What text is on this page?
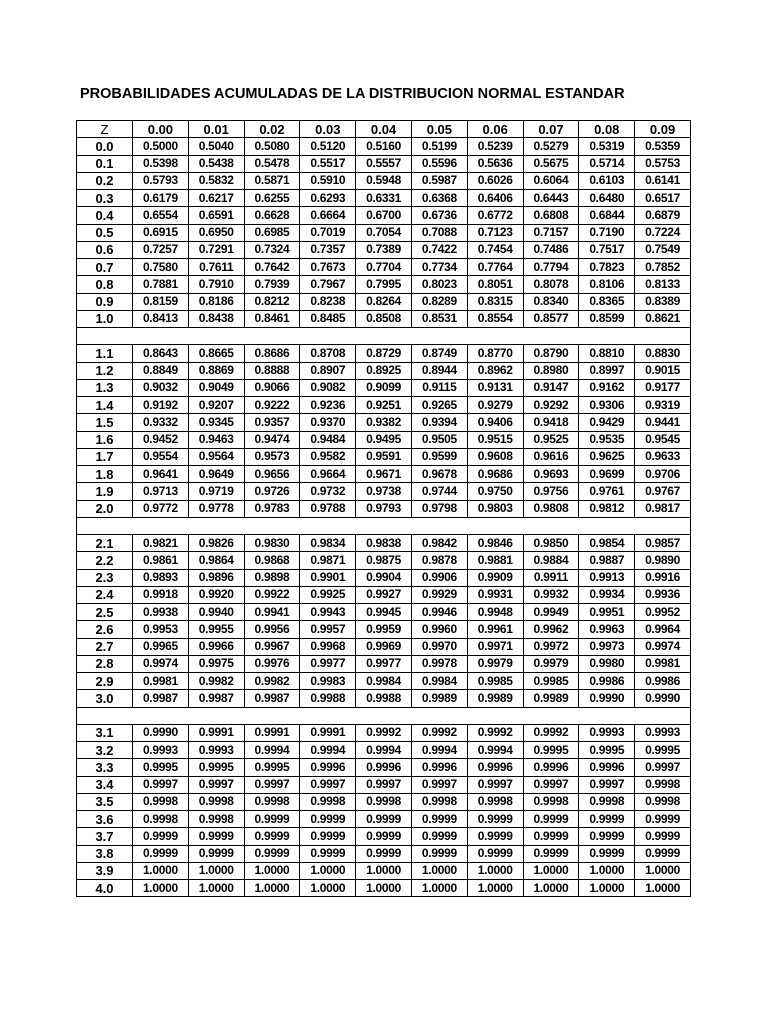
PROBABILIDADES ACUMULADAS DE LA DISTRIBUCION NORMAL ESTANDAR
Z	0.00	0.01	0.02	0.03	0.04	0.05	0.06	0.07	0.08	0.09
0.0	0.5000	0.5040	0.5080	0.5120	0.5160	0.5199	0.5239	0.5279	0.5319	0.5359
0.1	0.5398	0.5438	0.5478	0.5517	0.5557	0.5596	0.5636	0.5675	0.5714	0.5753
0.2	0.5793	0.5832	0.5871	0.5910	0.5948	0.5987	0.6026	0.6064	0.6103	0.6141
0.3	0.6179	0.6217	0.6255	0.6293	0.6331	0.6368	0.6406	0.6443	0.6480	0.6517
0.4	0.6554	0.6591	0.6628	0.6664	0.6700	0.6736	0.6772	0.6808	0.6844	0.6879
0.5	0.6915	0.6950	0.6985	0.7019	0.7054	0.7088	0.7123	0.7157	0.7190	0.7224
0.6	0.7257	0.7291	0.7324	0.7357	0.7389	0.7422	0.7454	0.7486	0.7517	0.7549
0.7	0.7580	0.7611	0.7642	0.7673	0.7704	0.7734	0.7764	0.7794	0.7823	0.7852
0.8	0.7881	0.7910	0.7939	0.7967	0.7995	0.8023	0.8051	0.8078	0.8106	0.8133
0.9	0.8159	0.8186	0.8212	0.8238	0.8264	0.8289	0.8315	0.8340	0.8365	0.8389
1.0	0.8413	0.8438	0.8461	0.8485	0.8508	0.8531	0.8554	0.8577	0.8599	0.8621

1.1	0.8643	0.8665	0.8686	0.8708	0.8729	0.8749	0.8770	0.8790	0.8810	0.8830
1.2	0.8849	0.8869	0.8888	0.8907	0.8925	0.8944	0.8962	0.8980	0.8997	0.9015
1.3	0.9032	0.9049	0.9066	0.9082	0.9099	0.9115	0.9131	0.9147	0.9162	0.9177
1.4	0.9192	0.9207	0.9222	0.9236	0.9251	0.9265	0.9279	0.9292	0.9306	0.9319
1.5	0.9332	0.9345	0.9357	0.9370	0.9382	0.9394	0.9406	0.9418	0.9429	0.9441
1.6	0.9452	0.9463	0.9474	0.9484	0.9495	0.9505	0.9515	0.9525	0.9535	0.9545
1.7	0.9554	0.9564	0.9573	0.9582	0.9591	0.9599	0.9608	0.9616	0.9625	0.9633
1.8	0.9641	0.9649	0.9656	0.9664	0.9671	0.9678	0.9686	0.9693	0.9699	0.9706
1.9	0.9713	0.9719	0.9726	0.9732	0.9738	0.9744	0.9750	0.9756	0.9761	0.9767
2.0	0.9772	0.9778	0.9783	0.9788	0.9793	0.9798	0.9803	0.9808	0.9812	0.9817

2.1	0.9821	0.9826	0.9830	0.9834	0.9838	0.9842	0.9846	0.9850	0.9854	0.9857
2.2	0.9861	0.9864	0.9868	0.9871	0.9875	0.9878	0.9881	0.9884	0.9887	0.9890
2.3	0.9893	0.9896	0.9898	0.9901	0.9904	0.9906	0.9909	0.9911	0.9913	0.9916
2.4	0.9918	0.9920	0.9922	0.9925	0.9927	0.9929	0.9931	0.9932	0.9934	0.9936
2.5	0.9938	0.9940	0.9941	0.9943	0.9945	0.9946	0.9948	0.9949	0.9951	0.9952
2.6	0.9953	0.9955	0.9956	0.9957	0.9959	0.9960	0.9961	0.9962	0.9963	0.9964
2.7	0.9965	0.9966	0.9967	0.9968	0.9969	0.9970	0.9971	0.9972	0.9973	0.9974
2.8	0.9974	0.9975	0.9976	0.9977	0.9977	0.9978	0.9979	0.9979	0.9980	0.9981
2.9	0.9981	0.9982	0.9982	0.9983	0.9984	0.9984	0.9985	0.9985	0.9986	0.9986
3.0	0.9987	0.9987	0.9987	0.9988	0.9988	0.9989	0.9989	0.9989	0.9990	0.9990

3.1	0.9990	0.9991	0.9991	0.9991	0.9992	0.9992	0.9992	0.9992	0.9993	0.9993
3.2	0.9993	0.9993	0.9994	0.9994	0.9994	0.9994	0.9994	0.9995	0.9995	0.9995
3.3	0.9995	0.9995	0.9995	0.9996	0.9996	0.9996	0.9996	0.9996	0.9996	0.9997
3.4	0.9997	0.9997	0.9997	0.9997	0.9997	0.9997	0.9997	0.9997	0.9997	0.9998
3.5	0.9998	0.9998	0.9998	0.9998	0.9998	0.9998	0.9998	0.9998	0.9998	0.9998
3.6	0.9998	0.9998	0.9999	0.9999	0.9999	0.9999	0.9999	0.9999	0.9999	0.9999
3.7	0.9999	0.9999	0.9999	0.9999	0.9999	0.9999	0.9999	0.9999	0.9999	0.9999
3.8	0.9999	0.9999	0.9999	0.9999	0.9999	0.9999	0.9999	0.9999	0.9999	0.9999
3.9	1.0000	1.0000	1.0000	1.0000	1.0000	1.0000	1.0000	1.0000	1.0000	1.0000
4.0	1.0000	1.0000	1.0000	1.0000	1.0000	1.0000	1.0000	1.0000	1.0000	1.0000
